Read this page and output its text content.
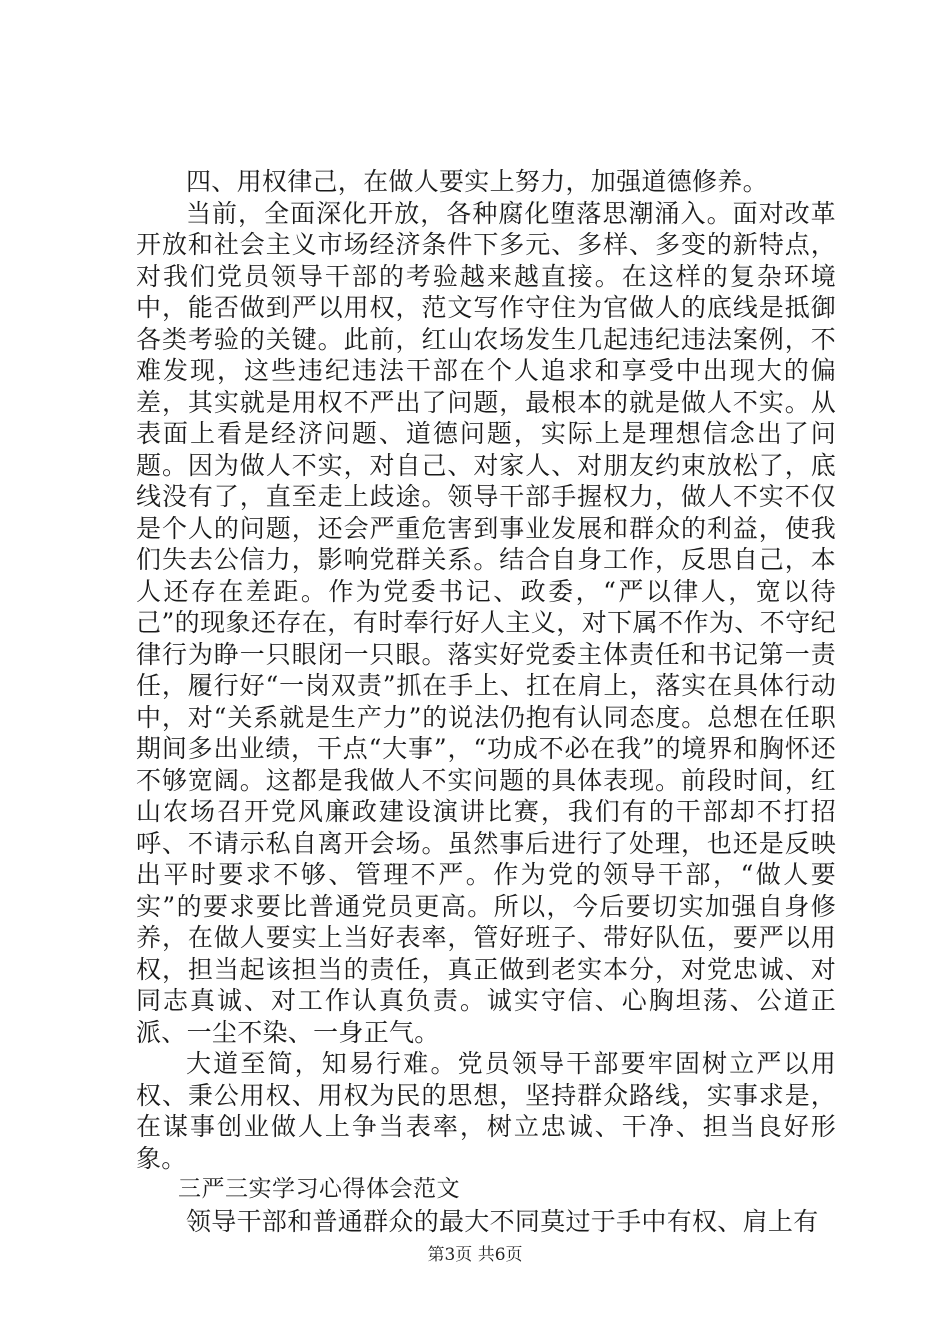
四、用权律己，在做人要实上努力，加强道德修养。

当前，全面深化开放，各种腐化堕落思潮涌入。面对改革开放和社会主义市场经济条件下多元、多样、多变的新特点，对我们党员领导干部的考验越来越直接。在这样的复杂环境中，能否做到严以用权，范文写作守住为官做人的底线是抵御各类考验的关键。此前，红山农场发生几起违纪违法案例，不难发现，这些违纪违法干部在个人追求和享受中出现大的偏差，其实就是用权不严出了问题，最根本的就是做人不实。从表面上看是经济问题、道德问题，实际上是理想信念出了问题。因为做人不实，对自己、对家人、对朋友约束放松了，底线没有了，直至走上歧途。领导干部手握权力，做人不实不仅是个人的问题，还会严重危害到事业发展和群众的利益，使我们失去公信力，影响党群关系。结合自身工作，反思自己，本人还存在差距。作为党委书记、政委，“严以律人，宽以待己”的现象还存在，有时奉行好人主义，对下属不作为、不守纪律行为睁一只眼闭一只眼。落实好党委主体责任和书记第一责任，履行好“一岗双责”抓在手上、扛在肩上，落实在具体行动中，对“关系就是生产力”的说法仍抱有认同态度。总想在任职期间多出业绩，干点“大事”，“功成不必在我”的境界和胸怀还不够宽阔。这都是我做人不实问题的具体表现。前段时间，红山农场召开党风廉政建设演讲比赛，我们有的干部却不打招呼、不请示私自离开会场。虽然事后进行了处理，也还是反映出平时要求不够、管理不严。作为党的领导干部，“做人要实”的要求要比普通党员更高。所以，今后要切实加强自身修养，在做人要实上当好表率，管好班子、带好队伍，要严以用权，担当起该担当的责任，真正做到老实本分，对党忠诚、对同志真诚、对工作认真负责。诚实守信、心胸坦荡、公道正派、一尘不染、一身正气。

大道至简，知易行难。党员领导干部要牢固树立严以用权、秉公用权、用权为民的思想，坚持群众路线，实事求是，在谋事创业做人上争当表率，树立忠诚、干净、担当良好形象。

三严三实学习心得体会范文

领导干部和普通群众的最大不同莫过于手中有权、肩上有

第3页 共6页
